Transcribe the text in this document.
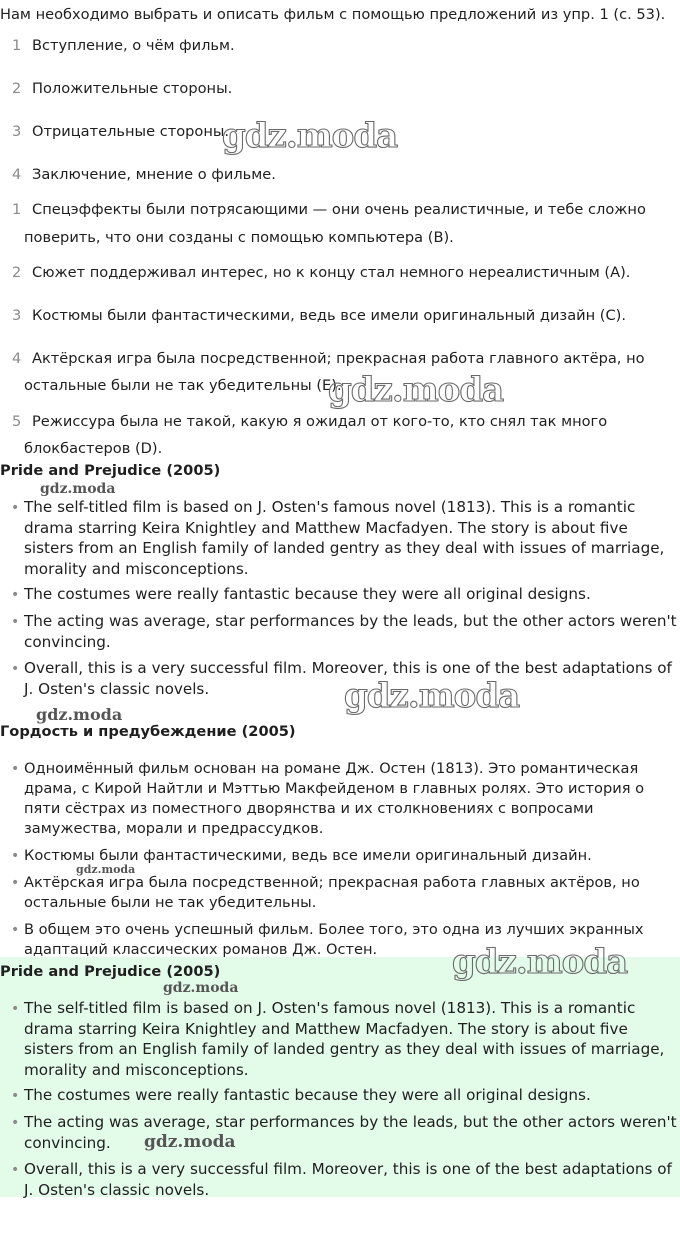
Нам необходимо выбрать и описать фильм с помощью предложений из упр. 1 (с. 53).
1 Вступление, о чём фильм.
2 Положительные стороны.
3 Отрицательные стороны.
4 Заключение, мнение о фильме.
1 Спецэффекты были потрясающими — они очень реалистичные, и тебе сложно
поверить, что они созданы с помощью компьютера (B).
2 Сюжет поддерживал интерес, но к концу стал немного нереалистичным (A).
3 Костюмы были фантастическими, ведь все имели оригинальный дизайн (C).
4 Актёрская игра была посредственной; прекрасная работа главного актёра, но
остальные были не так убедительны (E).
5 Режиссура была не такой, какую я ожидал от кого-то, кто снял так много
блокбастеров (D).
Pride and Prejudice (2005)
• The self-titled film is based on J. Osten's famous novel (1813). This is a romantic drama starring Keira Knightley and Matthew Macfadyen. The story is about five sisters from an English family of landed gentry as they deal with issues of marriage, morality and misconceptions.
• The costumes were really fantastic because they were all original designs.
• The acting was average, star performances by the leads, but the other actors weren't convincing.
• Overall, this is a very successful film. Moreover, this is one of the best adaptations of J. Osten's classic novels.
Гордость и предубеждение (2005)
• Одноимённый фильм основан на романе Дж. Остен (1813). Это романтическая драма, с Кирой Найтли и Мэттью Макфейденом в главных ролях. Это история о пяти сёстрах из поместного дворянства и их столкновениях с вопросами замужества, морали и предрассудков.
• Костюмы были фантастическими, ведь все имели оригинальный дизайн.
• Актёрская игра была посредственной; прекрасная работа главных актёров, но остальные были не так убедительны.
• В общем это очень успешный фильм. Более того, это одна из лучших экранных адаптаций классических романов Дж. Остен.
Pride and Prejudice (2005)
• The self-titled film is based on J. Osten's famous novel (1813). This is a romantic drama starring Keira Knightley and Matthew Macfadyen. The story is about five sisters from an English family of landed gentry as they deal with issues of marriage, morality and misconceptions.
• The costumes were really fantastic because they were all original designs.
• The acting was average, star performances by the leads, but the other actors weren't convincing.
• Overall, this is a very successful film. Moreover, this is one of the best adaptations of J. Osten's classic novels.
gdz.moda
gdz.moda
gdz.moda
gdz.moda
gdz.moda
gdz.moda
gdz.moda
gdz.moda
gdz.moda
